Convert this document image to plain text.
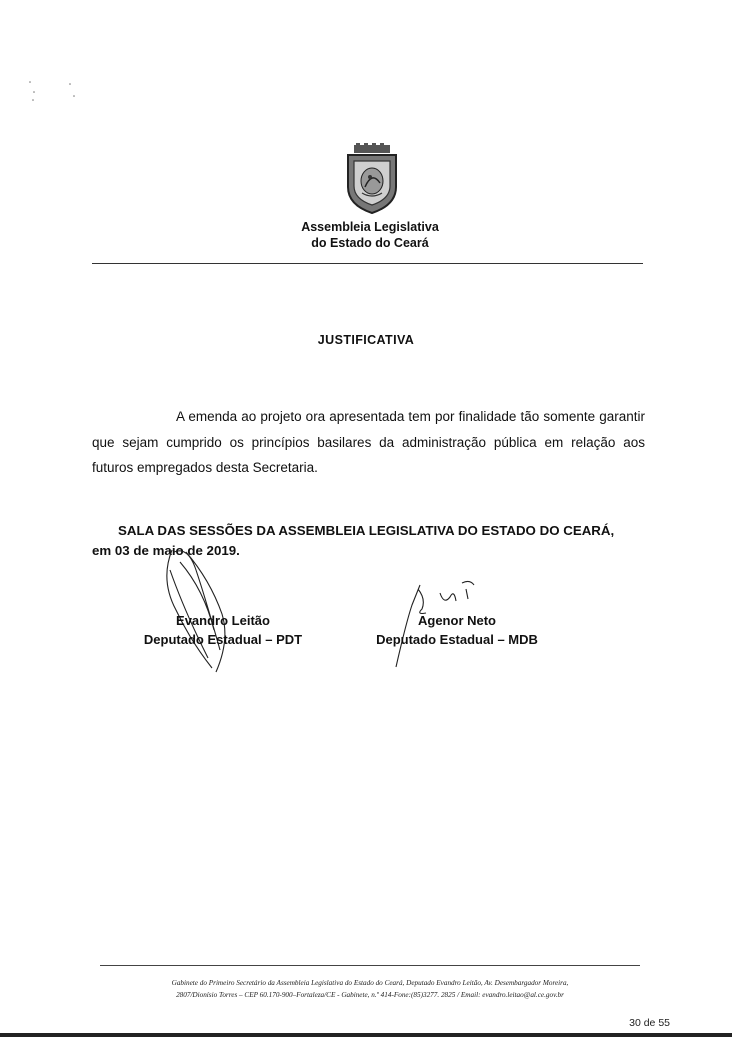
Assembleia Legislativa
do Estado do Ceará
JUSTIFICATIVA
A emenda ao projeto ora apresentada tem por finalidade tão somente garantir que sejam cumprido os princípios basilares da administração pública em relação aos futuros empregados desta Secretaria.
SALA DAS SESSÕES DA ASSEMBLEIA LEGISLATIVA DO ESTADO DO CEARÁ,
em 03 de maio de 2019.
Evandro Leitão
Deputado Estadual – PDT
Agenor Neto
Deputado Estadual – MDB
Gabinete do Primeiro Secretário da Assembleia Legislativa do Estado do Ceará, Deputado Evandro Leitão, Av. Desembargador Moreira,
2807/Dionísio Torres – CEP 60.170-900–Fortaleza/CE - Gabinete, n.º 414-Fone:(85)3277. 2825 / Email: evandro.leitao@al.ce.gov.br
30 de 55
